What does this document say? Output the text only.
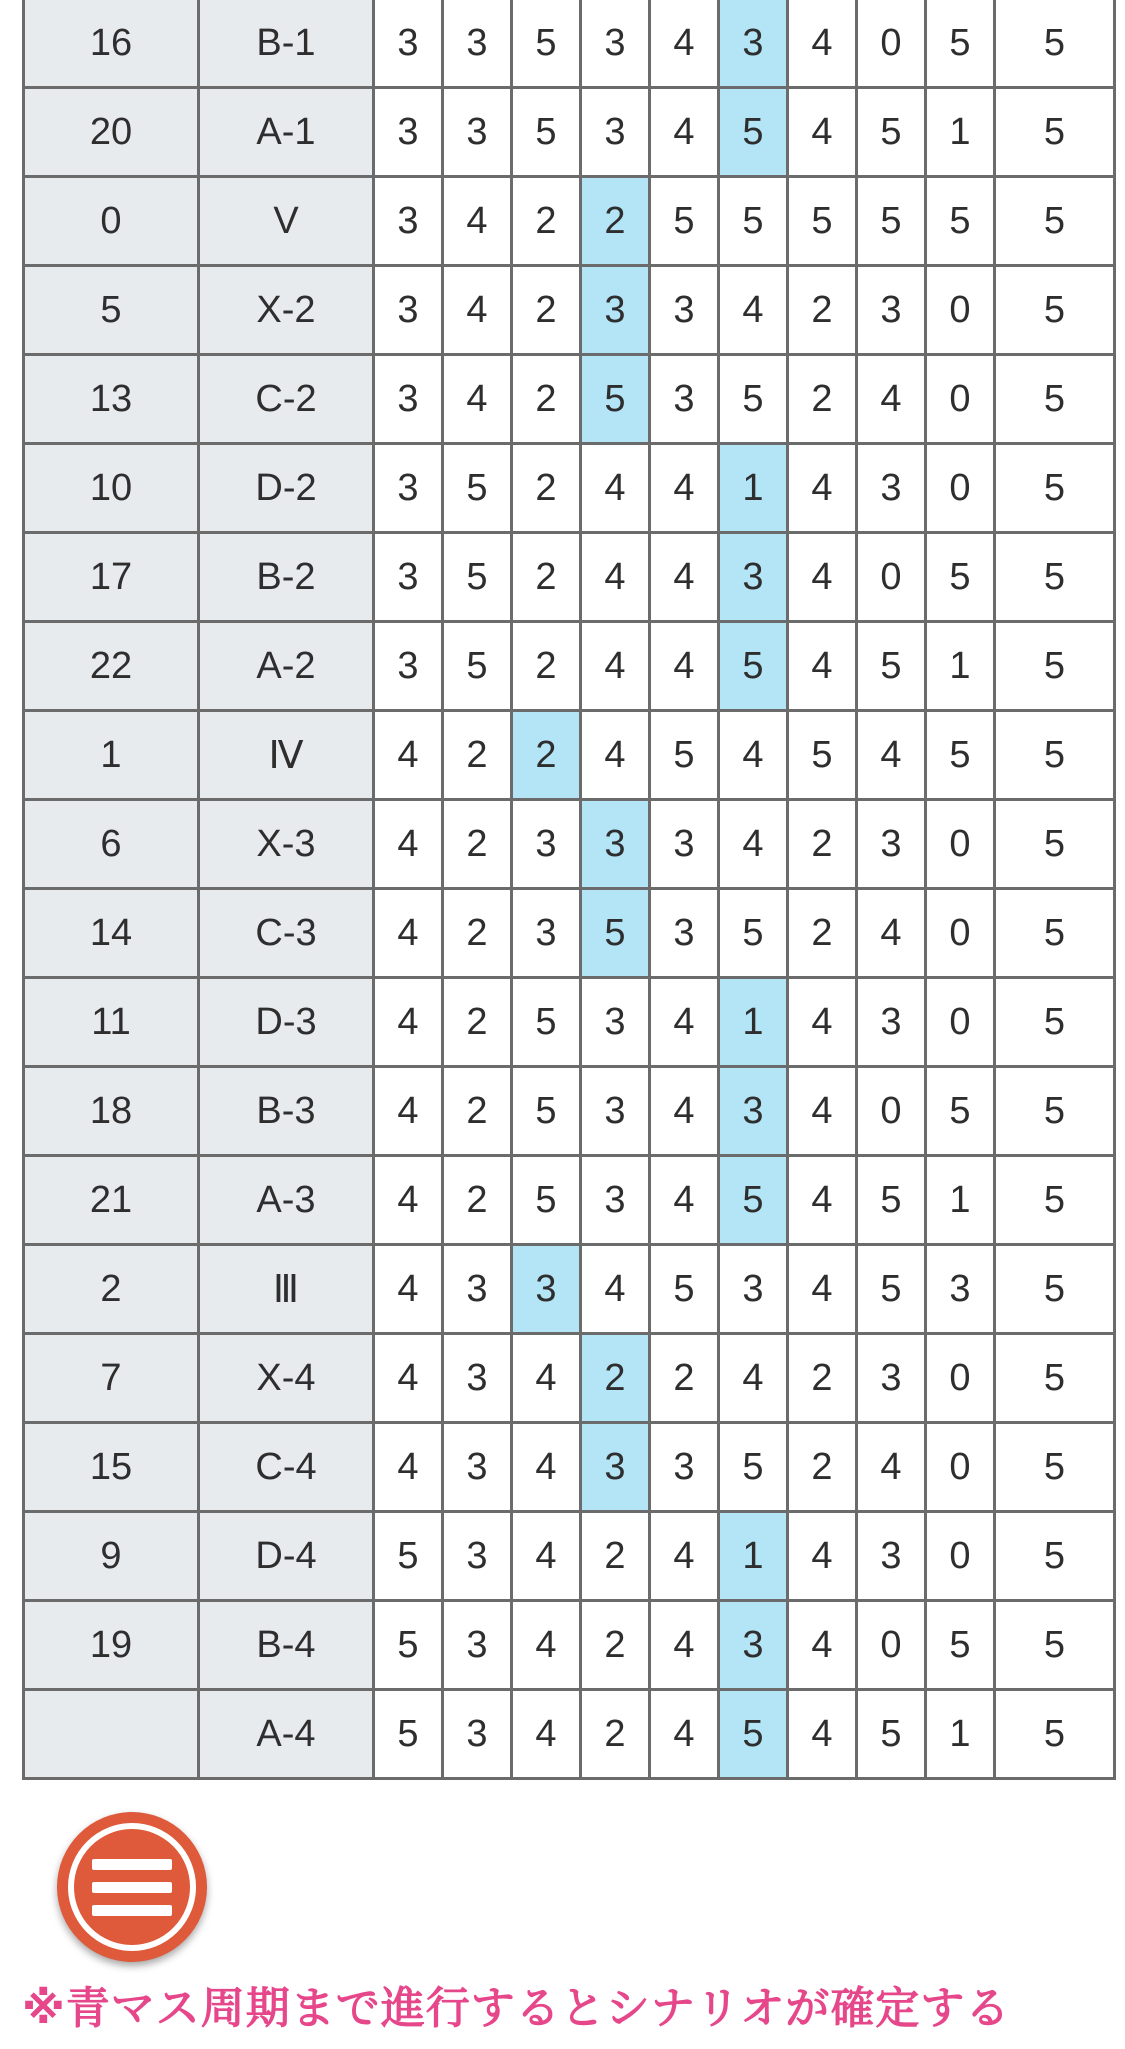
16	B-1	3	3	5	3	4	3	4	0	5	5
20	A-1	3	3	5	3	4	5	4	5	1	5
0	V	3	4	2	2	5	5	5	5	5	5
5	X-2	3	4	2	3	3	4	2	3	0	5
13	C-2	3	4	2	5	3	5	2	4	0	5
10	D-2	3	5	2	4	4	1	4	3	0	5
17	B-2	3	5	2	4	4	3	4	0	5	5
22	A-2	3	5	2	4	4	5	4	5	1	5
1	Ⅳ	4	2	2	4	5	4	5	4	5	5
6	X-3	4	2	3	3	3	4	2	3	0	5
14	C-3	4	2	3	5	3	5	2	4	0	5
11	D-3	4	2	5	3	4	1	4	3	0	5
18	B-3	4	2	5	3	4	3	4	0	5	5
21	A-3	4	2	5	3	4	5	4	5	1	5
2	Ⅲ	4	3	3	4	5	3	4	5	3	5
7	X-4	4	3	4	2	2	4	2	3	0	5
15	C-4	4	3	4	3	3	5	2	4	0	5
9	D-4	5	3	4	2	4	1	4	3	0	5
19	B-4	5	3	4	2	4	3	4	0	5	5
	A-4	5	3	4	2	4	5	4	5	1	5
※青マス周期まで進行するとシナリオが確定する
